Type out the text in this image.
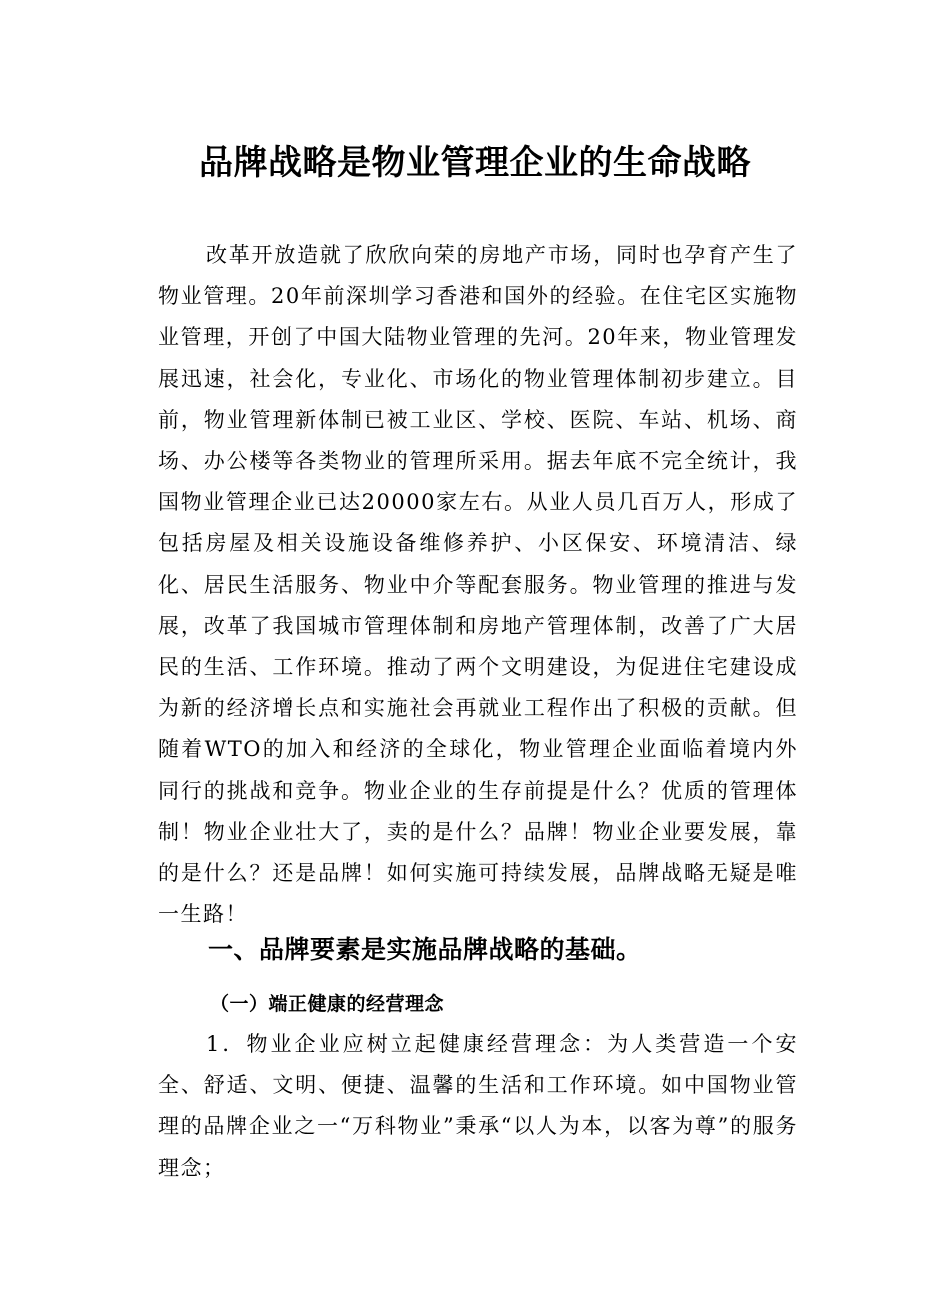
品牌战略是物业管理企业的生命战略

改革开放造就了欣欣向荣的房地产市场，同时也孕育产生了物业管理。20年前深圳学习香港和国外的经验。在住宅区实施物业管理，开创了中国大陆物业管理的先河。20年来，物业管理发展迅速，社会化，专业化、市场化的物业管理体制初步建立。目前，物业管理新体制已被工业区、学校、医院、车站、机场、商场、办公楼等各类物业的管理所采用。据去年底不完全统计，我国物业管理企业已达20000家左右。从业人员几百万人，形成了包括房屋及相关设施设备维修养护、小区保安、环境清洁、绿化、居民生活服务、物业中介等配套服务。物业管理的推进与发展，改革了我国城市管理体制和房地产管理体制，改善了广大居民的生活、工作环境。推动了两个文明建设，为促进住宅建设成为新的经济增长点和实施社会再就业工程作出了积极的贡献。但随着WTO的加入和经济的全球化，物业管理企业面临着境内外同行的挑战和竞争。物业企业的生存前提是什么？优质的管理体制！物业企业壮大了，卖的是什么？品牌！物业企业要发展，靠的是什么？还是品牌！如何实施可持续发展，品牌战略无疑是唯一生路！

一、品牌要素是实施品牌战略的基础。
（一）端正健康的经营理念

1．物业企业应树立起健康经营理念：为人类营造一个安全、舒适、文明、便捷、温馨的生活和工作环境。如中国物业管理的品牌企业之一“万科物业”秉承“以人为本，以客为尊”的服务理念；
